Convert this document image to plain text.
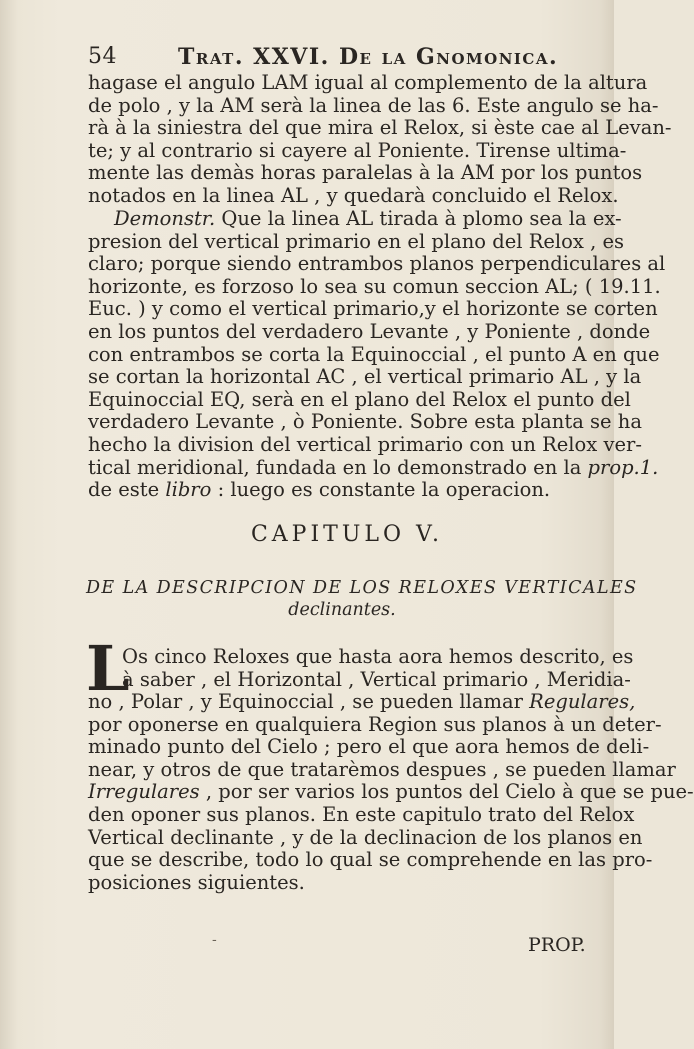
54	Trat. XXVI. De la Gnomonica.
hagase el angulo LAM igual al complemento de la altura
de polo , y la AM serà la linea de las 6. Este angulo se ha-
rà à la siniestra del que mira el Relox, si èste cae al Levan-
te; y al contrario si cayere al Poniente. Tirense ultima-
mente las demàs horas paralelas à la AM por los puntos
notados en la linea AL , y quedarà concluido el Relox.
Demonstr. Que la linea AL tirada à plomo sea la ex-
presion del vertical primario en el plano del Relox , es
claro; porque siendo entrambos planos perpendiculares al
horizonte, es forzoso lo sea su comun seccion AL; ( 19.11.
Euc. ) y como el vertical primario,y el horizonte se corten
en los puntos del verdadero Levante , y Poniente , donde
con entrambos se corta la Equinoccial , el punto A en que
se cortan la horizontal AC , el vertical primario AL , y la
Equinoccial EQ, serà en el plano del Relox el punto del
verdadero Levante , ò Poniente. Sobre esta planta se ha
hecho la division del vertical primario con un Relox ver-
tical meridional, fundada en lo demonstrado en la prop.1.
de este libro : luego es constante la operacion.
CAPITULO V.
DE LA DESCRIPCION DE LOS RELOXES VERTICALES
declinantes.
L
Os cinco Reloxes que hasta aora hemos descrito, es
à saber , el Horizontal , Vertical primario , Meridia-
no , Polar , y Equinoccial , se pueden llamar Regulares,
por oponerse en qualquiera Region sus planos à un deter-
minado punto del Cielo ; pero el que aora hemos de deli-
near, y otros de que tratarèmos despues , se pueden llamar
Irregulares , por ser varios los puntos del Cielo à que se pue-
den oponer sus planos. En este capitulo trato del Relox
Vertical declinante , y de la declinacion de los planos en
que se describe, todo lo qual se comprehende en las pro-
posiciones siguientes.
-	PROP.
